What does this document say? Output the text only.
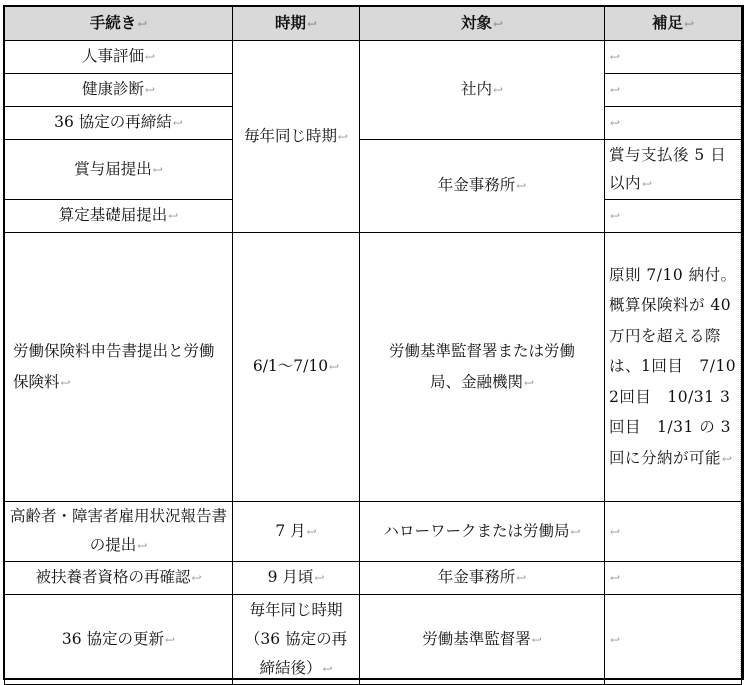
手続き↩	時期↩	対象↩	補足↩
人事評価↩	毎年同じ時期↩	社内↩	↩
健康診断↩			↩
36 協定の再締結↩			↩
賞与届提出↩		年金事務所↩	賞与支払後 5 日以内↩
算定基礎届提出↩			↩
労働保険料申告書提出と労働保険料↩	6/1～7/10↩	労働基準監督署または労働局、金融機関↩	原則 7/10 納付。概算保険料が 40 万円を超える際は、1回目　7/10 2回目　10/31 3回目　1/31 の 3 回に分納が可能↩
高齢者・障害者雇用状況報告書の提出↩	7 月↩	ハローワークまたは労働局↩	↩
被扶養者資格の再確認↩	9 月頃↩	年金事務所↩	↩
36 協定の更新↩	毎年同じ時期（36 協定の再締結後）↩	労働基準監督署↩	↩
